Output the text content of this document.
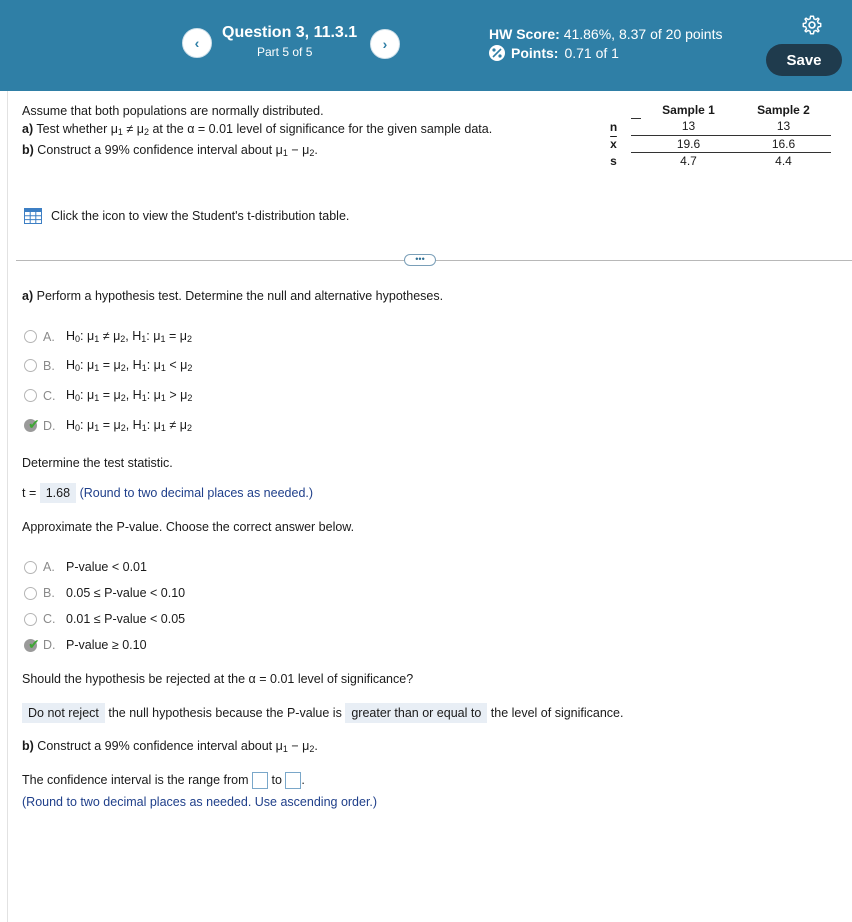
‹
Question 3, 11.3.1
Part 5 of 5	›
HW Score: 41.86%, 8.37 of 20 points
Points: 0.71 of 1	Save
Assume that both populations are normally distributed.
a) Test whether $\mu_1 \ne \mu_2$ at the α = 0.01 level of significance for the given sample data.
b) Construct a 99% confidence interval about $\mu_1 - \mu_2$.
		Sample 1	Sample 2
n		13	13
$\overline{x}$		19.6	16.6
s		4.7	4.4
Click the icon to view the Student's t-distribution table.
•••
a) Perform a hypothesis test. Determine the null and alternative hypotheses.
A. $H_0$: $\mu_1 \ne \mu_2$, $H_1$: $\mu_1 = \mu_2$
B. $H_0$: $\mu_1 = \mu_2$, $H_1$: $\mu_1 < \mu_2$
C. $H_0$: $\mu_1 = \mu_2$, $H_1$: $\mu_1 > \mu_2$
✔ D. $H_0$: $\mu_1 = \mu_2$, $H_1$: $\mu_1 \ne \mu_2$
Determine the test statistic.
t = 1.68 (Round to two decimal places as needed.)
Approximate the P-value. Choose the correct answer below.
A. P-value < 0.01
B. 0.05 ≤ P-value < 0.10
C. 0.01 ≤ P-value < 0.05
✔ D. P-value ≥ 0.10
Should the hypothesis be rejected at the α = 0.01 level of significance?
Do not reject the null hypothesis because the P-value is greater than or equal to the level of significance.
b) Construct a 99% confidence interval about $\mu_1 - \mu_2$.
The confidence interval is the range from to .
(Round to two decimal places as needed. Use ascending order.)
